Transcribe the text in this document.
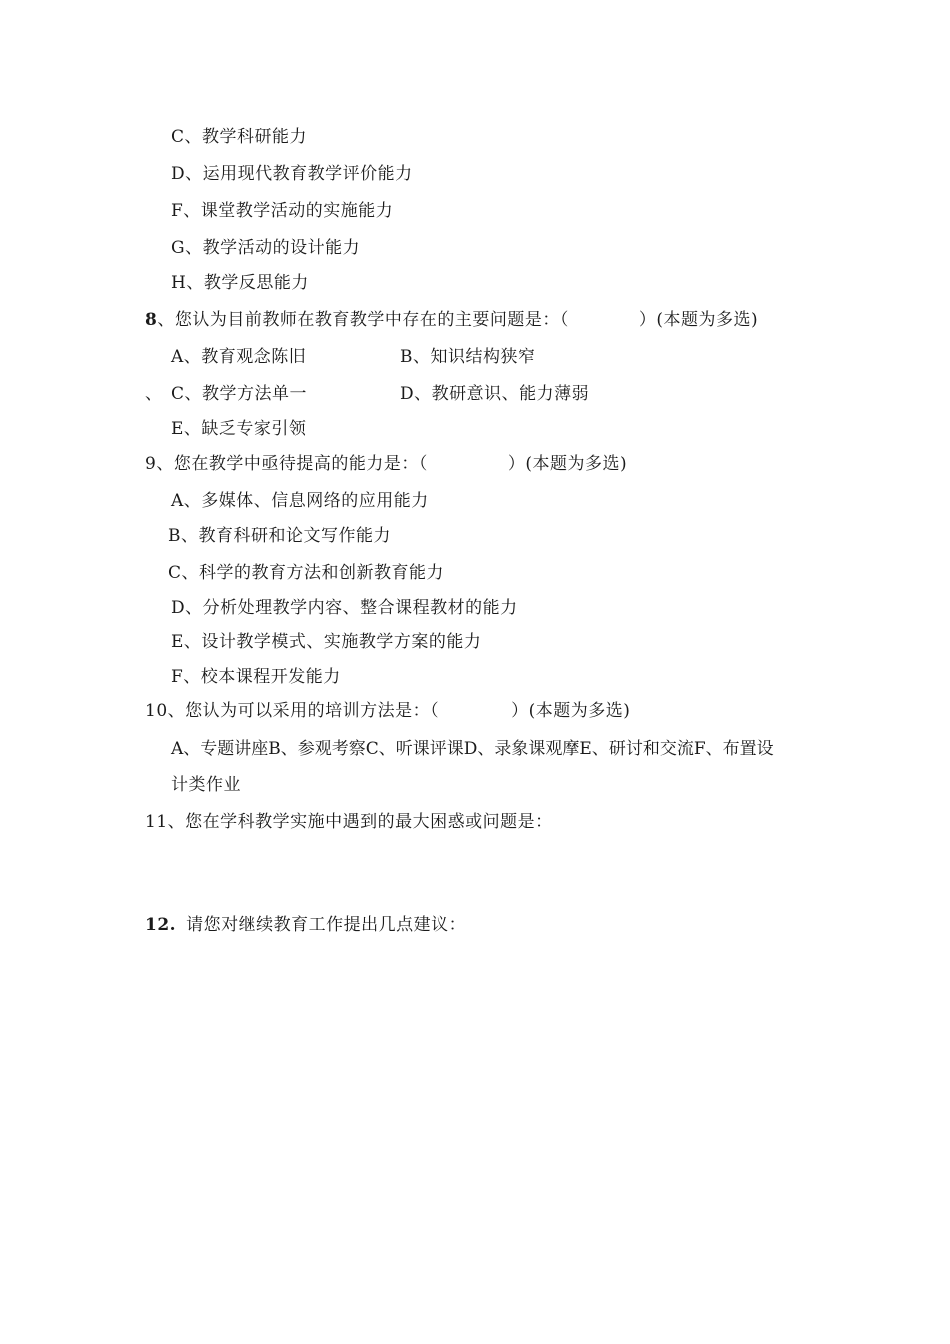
C、教学科研能力
D、运用现代教育教学评价能力
F、课堂教学活动的实施能力
G、教学活动的设计能力
H、教学反思能力
8、您认为目前教师在教育教学中存在的主要问题是：（	）(本题为多选)
A、教育观念陈旧	B、知识结构狭窄
、 C、教学方法单一	D、教研意识、能力薄弱
E、缺乏专家引领
9、您在教学中亟待提高的能力是：（	）(本题为多选)
A、多媒体、信息网络的应用能力
B、教育科研和论文写作能力
C、科学的教育方法和创新教育能力
D、分析处理教学内容、整合课程教材的能力
E、设计教学模式、实施教学方案的能力
F、校本课程开发能力
10、您认为可以采用的培训方法是：（	）(本题为多选)
A、专题讲座B、参观考察C、听课评课D、录象课观摩E、研讨和交流F、布置设
计类作业
11、您在学科教学实施中遇到的最大困惑或问题是：
12. 请您对继续教育工作提出几点建议：
